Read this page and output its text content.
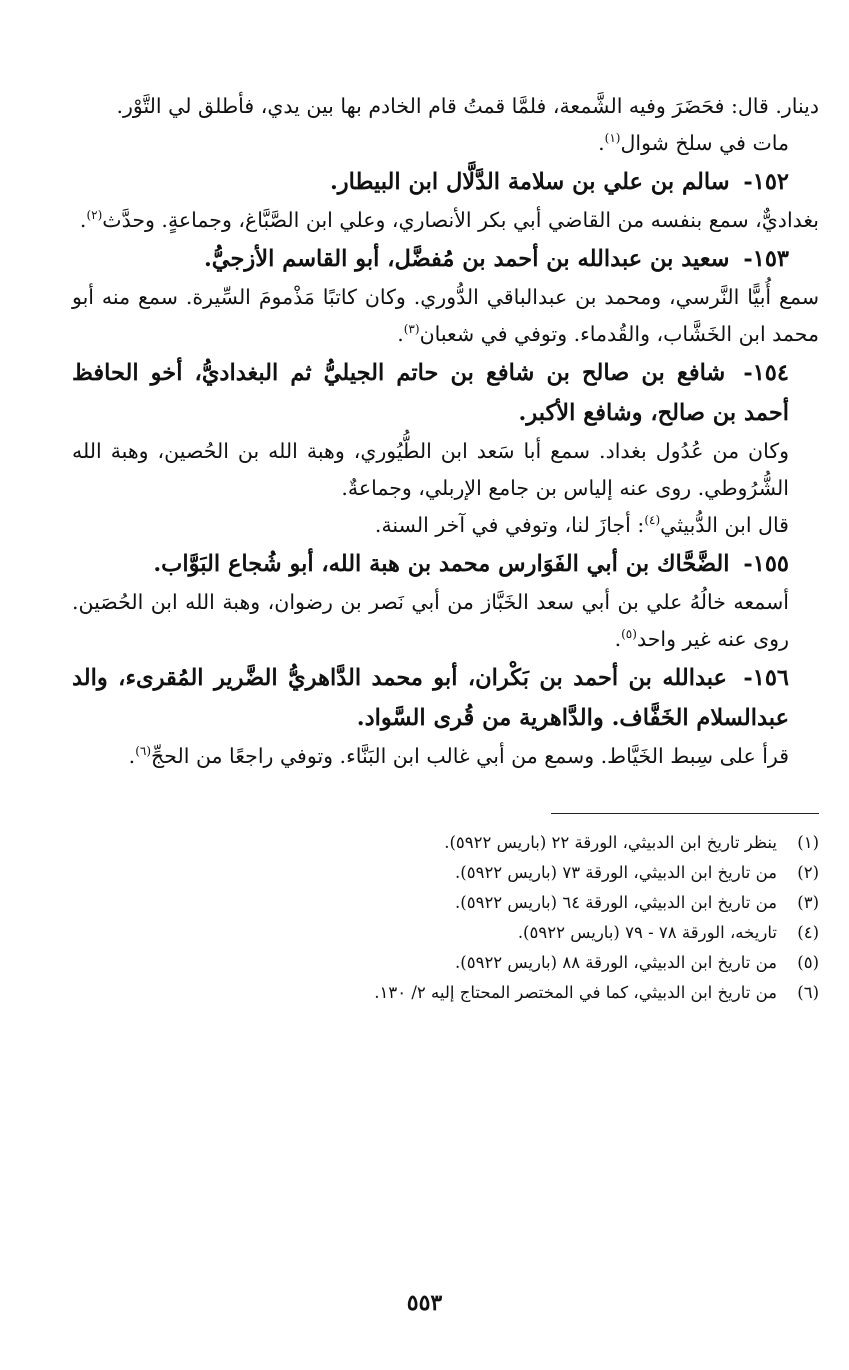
دينار. قال: فحَضَرَ وفيه الشَّمعة، فلمَّا قمتُ قام الخادم بها بين يدي، فأطلق لي التَّوْر.

مات في سلخ شوال$^{(١)}$.

١٥٢- سالم بن علي بن سلامة الدَّلَّال ابن البيطار.

بغداديٌّ، سمع بنفسه من القاضي أبي بكر الأنصاري، وعلي ابن الصَّبَّاغ، وجماعةٍ. وحدَّث$^{(٢)}$.

١٥٣- سعيد بن عبدالله بن أحمد بن مُفضَّل، أبو القاسم الأزجيُّ.

سمع أُبيًّا النَّرسي، ومحمد بن عبدالباقي الدُّوري. وكان كاتبًا مَذْمومَ السِّيرة. سمع منه أبو محمد ابن الخَشَّاب، والقُدماء. وتوفي في شعبان$^{(٣)}$.

١٥٤- شافع بن صالح بن شافع بن حاتم الجيليُّ ثم البغداديُّ، أخو الحافظ أحمد بن صالح، وشافع الأكبر.

وكان من عُدُول بغداد. سمع أبا سَعد ابن الطُّيُوري، وهبة الله بن الحُصين، وهبة الله الشُّرُوطي. روى عنه إلياس بن جامع الإربلي، وجماعةٌ.

قال ابن الدُّبيثي$^{(٤)}$: أجازَ لنا، وتوفي في آخر السنة.

١٥٥- الضَّحَّاك بن أبي الفَوَارس محمد بن هبة الله، أبو شُجاع البَوَّاب.

أسمعه خالُهُ علي بن أبي سعد الخَبَّاز من أبي نَصر بن رضوان، وهبة الله ابن الحُصَين. روى عنه غير واحد$^{(٥)}$.

١٥٦- عبدالله بن أحمد بن بَكْران، أبو محمد الدَّاهريُّ الضَّرير المُقرىء، والد عبدالسلام الخَفَّاف. والدَّاهرية من قُرى السَّواد.

قرأ على سِبط الخَيَّاط. وسمع من أبي غالب ابن البَنَّاء. وتوفي راجعًا من الحجِّ$^{(٦)}$.

(١)
ينظر تاريخ ابن الدبيثي، الورقة ٢٢ (باريس ٥٩٢٢).

(٢)
من تاريخ ابن الدبيثي، الورقة ٧٣ (باريس ٥٩٢٢).

(٣)
من تاريخ ابن الدبيثي، الورقة ٦٤ (باريس ٥٩٢٢).

(٤)
تاريخه، الورقة ٧٨ - ٧٩ (باريس ٥٩٢٢).

(٥)
من تاريخ ابن الدبيثي، الورقة ٨٨ (باريس ٥٩٢٢).

(٦)
من تاريخ ابن الدبيثي، كما في المختصر المحتاج إليه ٢/ ١٣٠.

٥٥٣
